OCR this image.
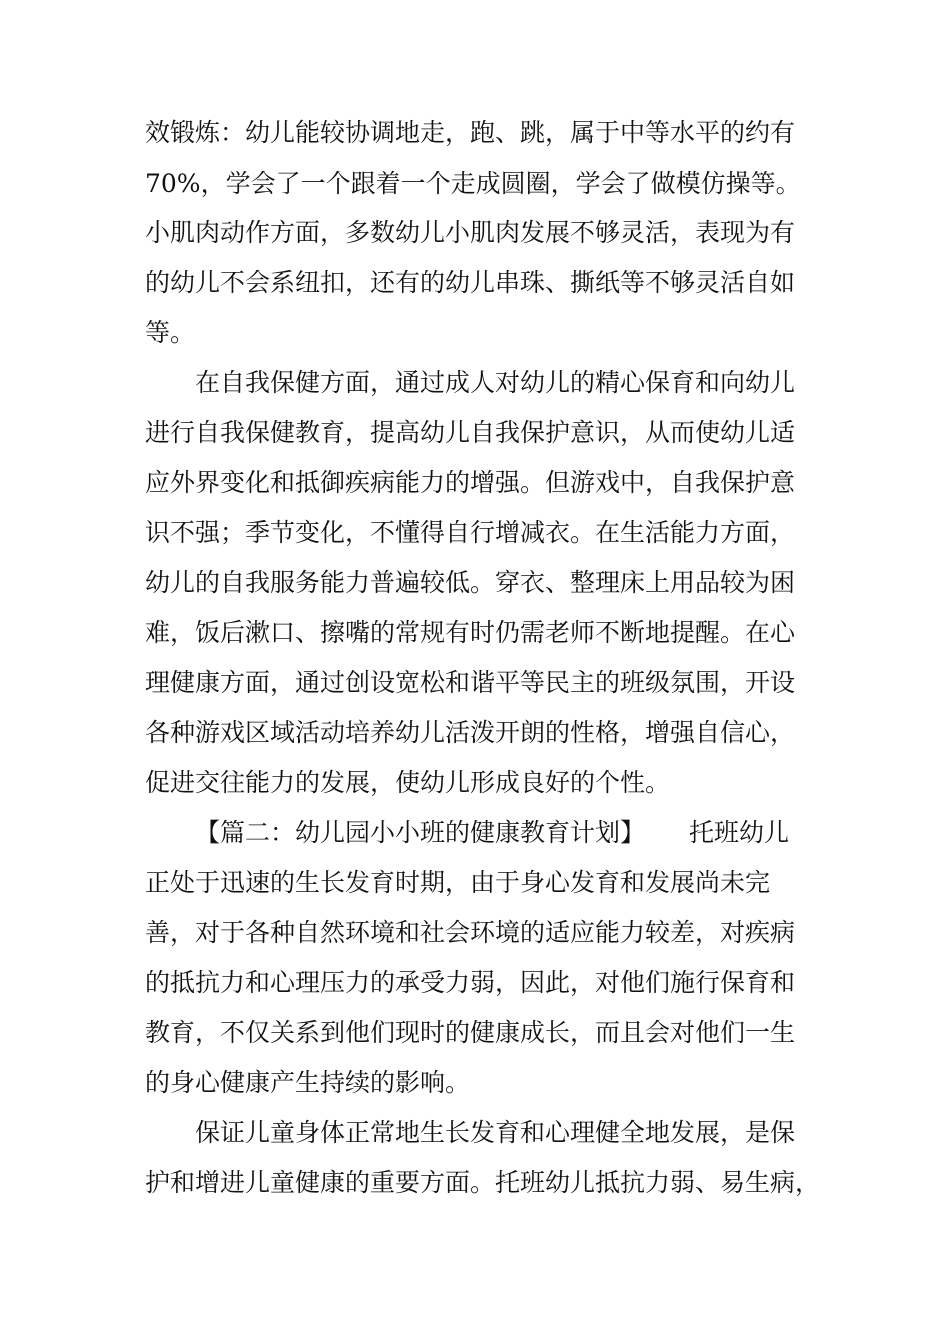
效锻炼：幼儿能较协调地走，跑、跳，属于中等水平的约有

70%，学会了一个跟着一个走成圆圈，学会了做模仿操等。

小肌肉动作方面，多数幼儿小肌肉发展不够灵活，表现为有

的幼儿不会系纽扣，还有的幼儿串珠、撕纸等不够灵活自如

等。

在自我保健方面，通过成人对幼儿的精心保育和向幼儿

进行自我保健教育，提高幼儿自我保护意识，从而使幼儿适

应外界变化和抵御疾病能力的增强。但游戏中，自我保护意

识不强；季节变化，不懂得自行增减衣。在生活能力方面，

幼儿的自我服务能力普遍较低。穿衣、整理床上用品较为困

难，饭后漱口、擦嘴的常规有时仍需老师不断地提醒。在心

理健康方面，通过创设宽松和谐平等民主的班级氛围，开设

各种游戏区域活动培养幼儿活泼开朗的性格，增强自信心，

促进交往能力的发展，使幼儿形成良好的个性。

【篇二：幼儿园小小班的健康教育计划】 托班幼儿

正处于迅速的生长发育时期，由于身心发育和发展尚未完

善，对于各种自然环境和社会环境的适应能力较差，对疾病

的抵抗力和心理压力的承受力弱，因此，对他们施行保育和

教育，不仅关系到他们现时的健康成长，而且会对他们一生

的身心健康产生持续的影响。

保证儿童身体正常地生长发育和心理健全地发展，是保

护和增进儿童健康的重要方面。托班幼儿抵抗力弱、易生病，
